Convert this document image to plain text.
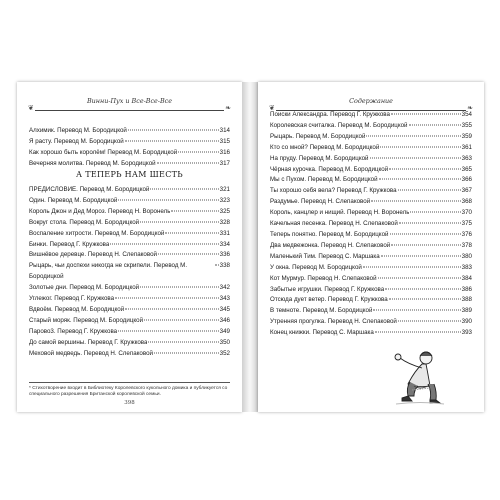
❦
Винни-Пух и Все-Все-Все
❧
Алхимик. Перевод М. Бородицкой	314
Я расту. Перевод М. Бородицкой	315
Как хорошо быть королём! Перевод М. Бородицкой	316
Вечерняя молитва. Перевод М. Бородицкой	317
А ТЕПЕРЬ НАМ ШЕСТЬ
ПРЕДИСЛОВИЕ. Перевод М. Бородицкой	321
Один. Перевод М. Бородицкой	323
Король Джон и Дед Мороз. Перевод Н. Воронель	325
Вокруг стола. Перевод М. Бородицкой	328
Воспаление хитрости. Перевод М. Бородицкой	331
Бинки. Перевод Г. Кружкова	334
Вишнёвое деревце. Перевод Н. Слепаковой	336
Рыцарь, чьи доспехи никогда не скрипели. Перевод М. Бородицкой
338
Золотые дни. Перевод М. Бородицкой	342
Углежог. Перевод Г. Кружкова	343
Вдвоём. Перевод М. Бородицкой	345
Старый моряк. Перевод М. Бородицкой	346
Парово3. Перевод Г. Кружкова	349
До самой вершины. Перевод Г. Кружкова	350
Меховой медведь. Перевод Н. Слепаковой	352
* Стихотворение входит в Библиотеку Королевского кукольного домика и публикуется со специального разрешения Британской королевской семьи.
398
❦
Содержание
❧
Поиски Александра. Перевод Г. Кружкова	354
Королевская считалка. Перевод М. Бородицкой	355
Рыцарь. Перевод М. Бородицкой	359
Кто со мной? Перевод М. Бородицкой	361
На пруду. Перевод М. Бородицкой	363
Чёрная курочка. Перевод М. Бородицкой	365
Мы с Пухом. Перевод М. Бородицкой	366
Ты хорошо себя вела? Перевод Г. Кружкова	367
Раздумье. Перевод Н. Слепаковой	368
Король, канцлер и нищий. Перевод Н. Воронель	370
Качельная песенка. Перевод Н. Слепаковой	375
Теперь понятно. Перевод М. Бородицкой	376
Два медвежонка. Перевод Н. Слепаковой	378
Маленький Тим. Перевод С. Маршака	380
У окна. Перевод М. Бородицкой	383
Кот Мурмур. Перевод Н. Слепаковой	384
Забытые игрушки. Перевод Г. Кружкова	386
Отсюда дует ветер. Перевод Г. Кружкова	388
В темноте. Перевод М. Бородицкой	389
Утренняя прогулка. Перевод Н. Слепаковой	390
Конец книжки. Перевод С. Маршака	393
